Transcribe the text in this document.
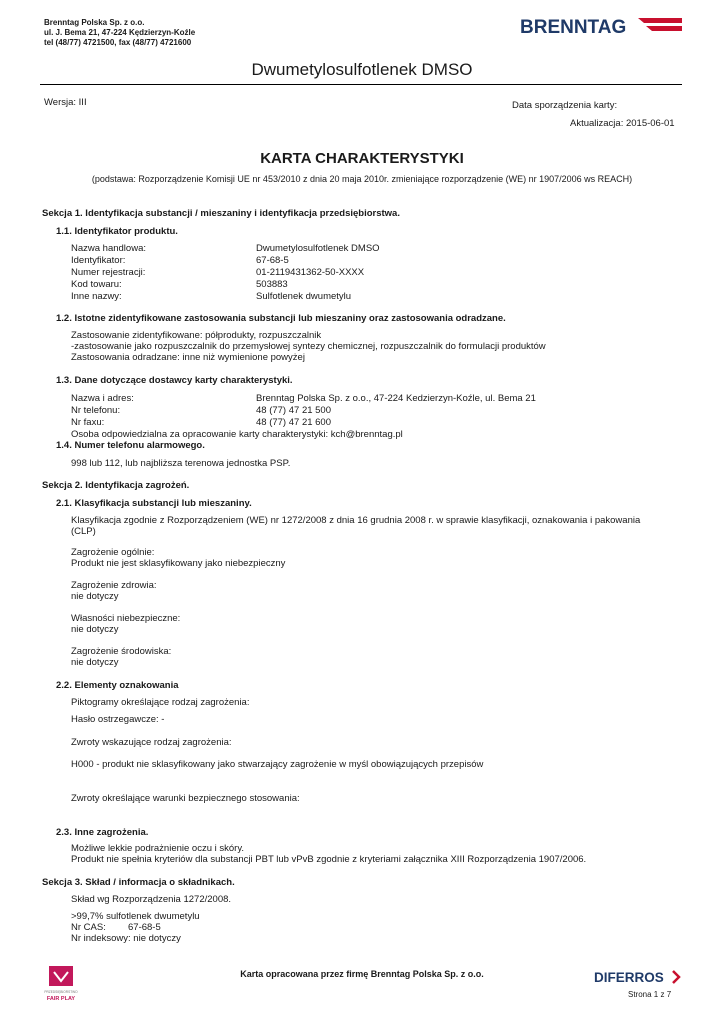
Brenntag Polska Sp. z o.o.
ul. J. Bema 21, 47-224 Kędzierzyn-Koźle
tel (48/77) 4721500, fax (48/77) 4721600
BRENNTAG
Dwumetylosulfotlenek DMSO
Wersja: III	Data sporządzenia karty:
Aktualizacja: 2015-06-01
KARTA CHARAKTERYSTYKI
(podstawa: Rozporządzenie Komisji UE nr 453/2010 z dnia 20 maja 2010r. zmieniające rozporządzenie (WE) nr 1907/2006 ws REACH)
Sekcja 1. Identyfikacja substancji / mieszaniny i identyfikacja przedsiębiorstwa.
1.1. Identyfikator produktu.
Nazwa handlowa:	Dwumetylosulfotlenek DMSO
Identyfikator:	67-68-5
Numer rejestracji:	01-2119431362-50-XXXX
Kod towaru:	503883
Inne nazwy:	Sulfotlenek dwumetylu
1.2. Istotne zidentyfikowane zastosowania substancji lub mieszaniny oraz zastosowania odradzane.
Zastosowanie zidentyfikowane: półprodukty, rozpuszczalnik
-zastosowanie jako rozpuszczalnik do przemysłowej syntezy chemicznej, rozpuszczalnik do formulacji produktów
Zastosowania odradzane: inne niż wymienione powyżej
1.3. Dane dotyczące dostawcy karty charakterystyki.
Nazwa i adres:	Brenntag Polska Sp. z o.o., 47-224 Kedzierzyn-Koźle, ul. Bema 21
Nr telefonu:	48 (77) 47 21 500
Nr faxu:	48 (77) 47 21 600
Osoba odpowiedzialna za opracowanie karty charakterystyki: kch@brenntag.pl
1.4. Numer telefonu alarmowego.
998 lub 112, lub najbliższa terenowa jednostka PSP.
Sekcja 2. Identyfikacja zagrożeń.
2.1. Klasyfikacja substancji lub mieszaniny.
Klasyfikacja zgodnie z Rozporządzeniem (WE) nr 1272/2008 z dnia 16 grudnia 2008 r. w sprawie klasyfikacji, oznakowania i pakowania
(CLP)
Zagrożenie ogólnie:
Produkt nie jest sklasyfikowany jako niebezpieczny
Zagrożenie zdrowia:
nie dotyczy
Własności niebezpieczne:
nie dotyczy
Zagrożenie środowiska:
nie dotyczy
2.2. Elementy oznakowania
Piktogramy określające rodzaj zagrożenia:
Hasło ostrzegawcze: -
Zwroty wskazujące rodzaj zagrożenia:
H000 - produkt nie sklasyfikowany jako stwarzający zagrożenie w myśl obowiązujących przepisów
Zwroty określające warunki bezpiecznego stosowania:
2.3. Inne zagrożenia.
Możliwe lekkie podrażnienie oczu i skóry.
Produkt nie spełnia kryteriów dla substancji PBT lub vPvB zgodnie z kryteriami załącznika XIII Rozporządzenia 1907/2006.
Sekcja 3. Skład / informacja o składnikach.
Skład wg Rozporządzenia 1272/2008.
>99,7% sulfotlenek dwumetylu
Nr CAS: 67-68-5
Nr indeksowy: nie dotyczy
PRZEDSIĘBIORSTWO
FAIR PLAY
Karta opracowana przez firmę Brenntag Polska Sp. z o.o.	DIFERROS
Strona 1 z 7
